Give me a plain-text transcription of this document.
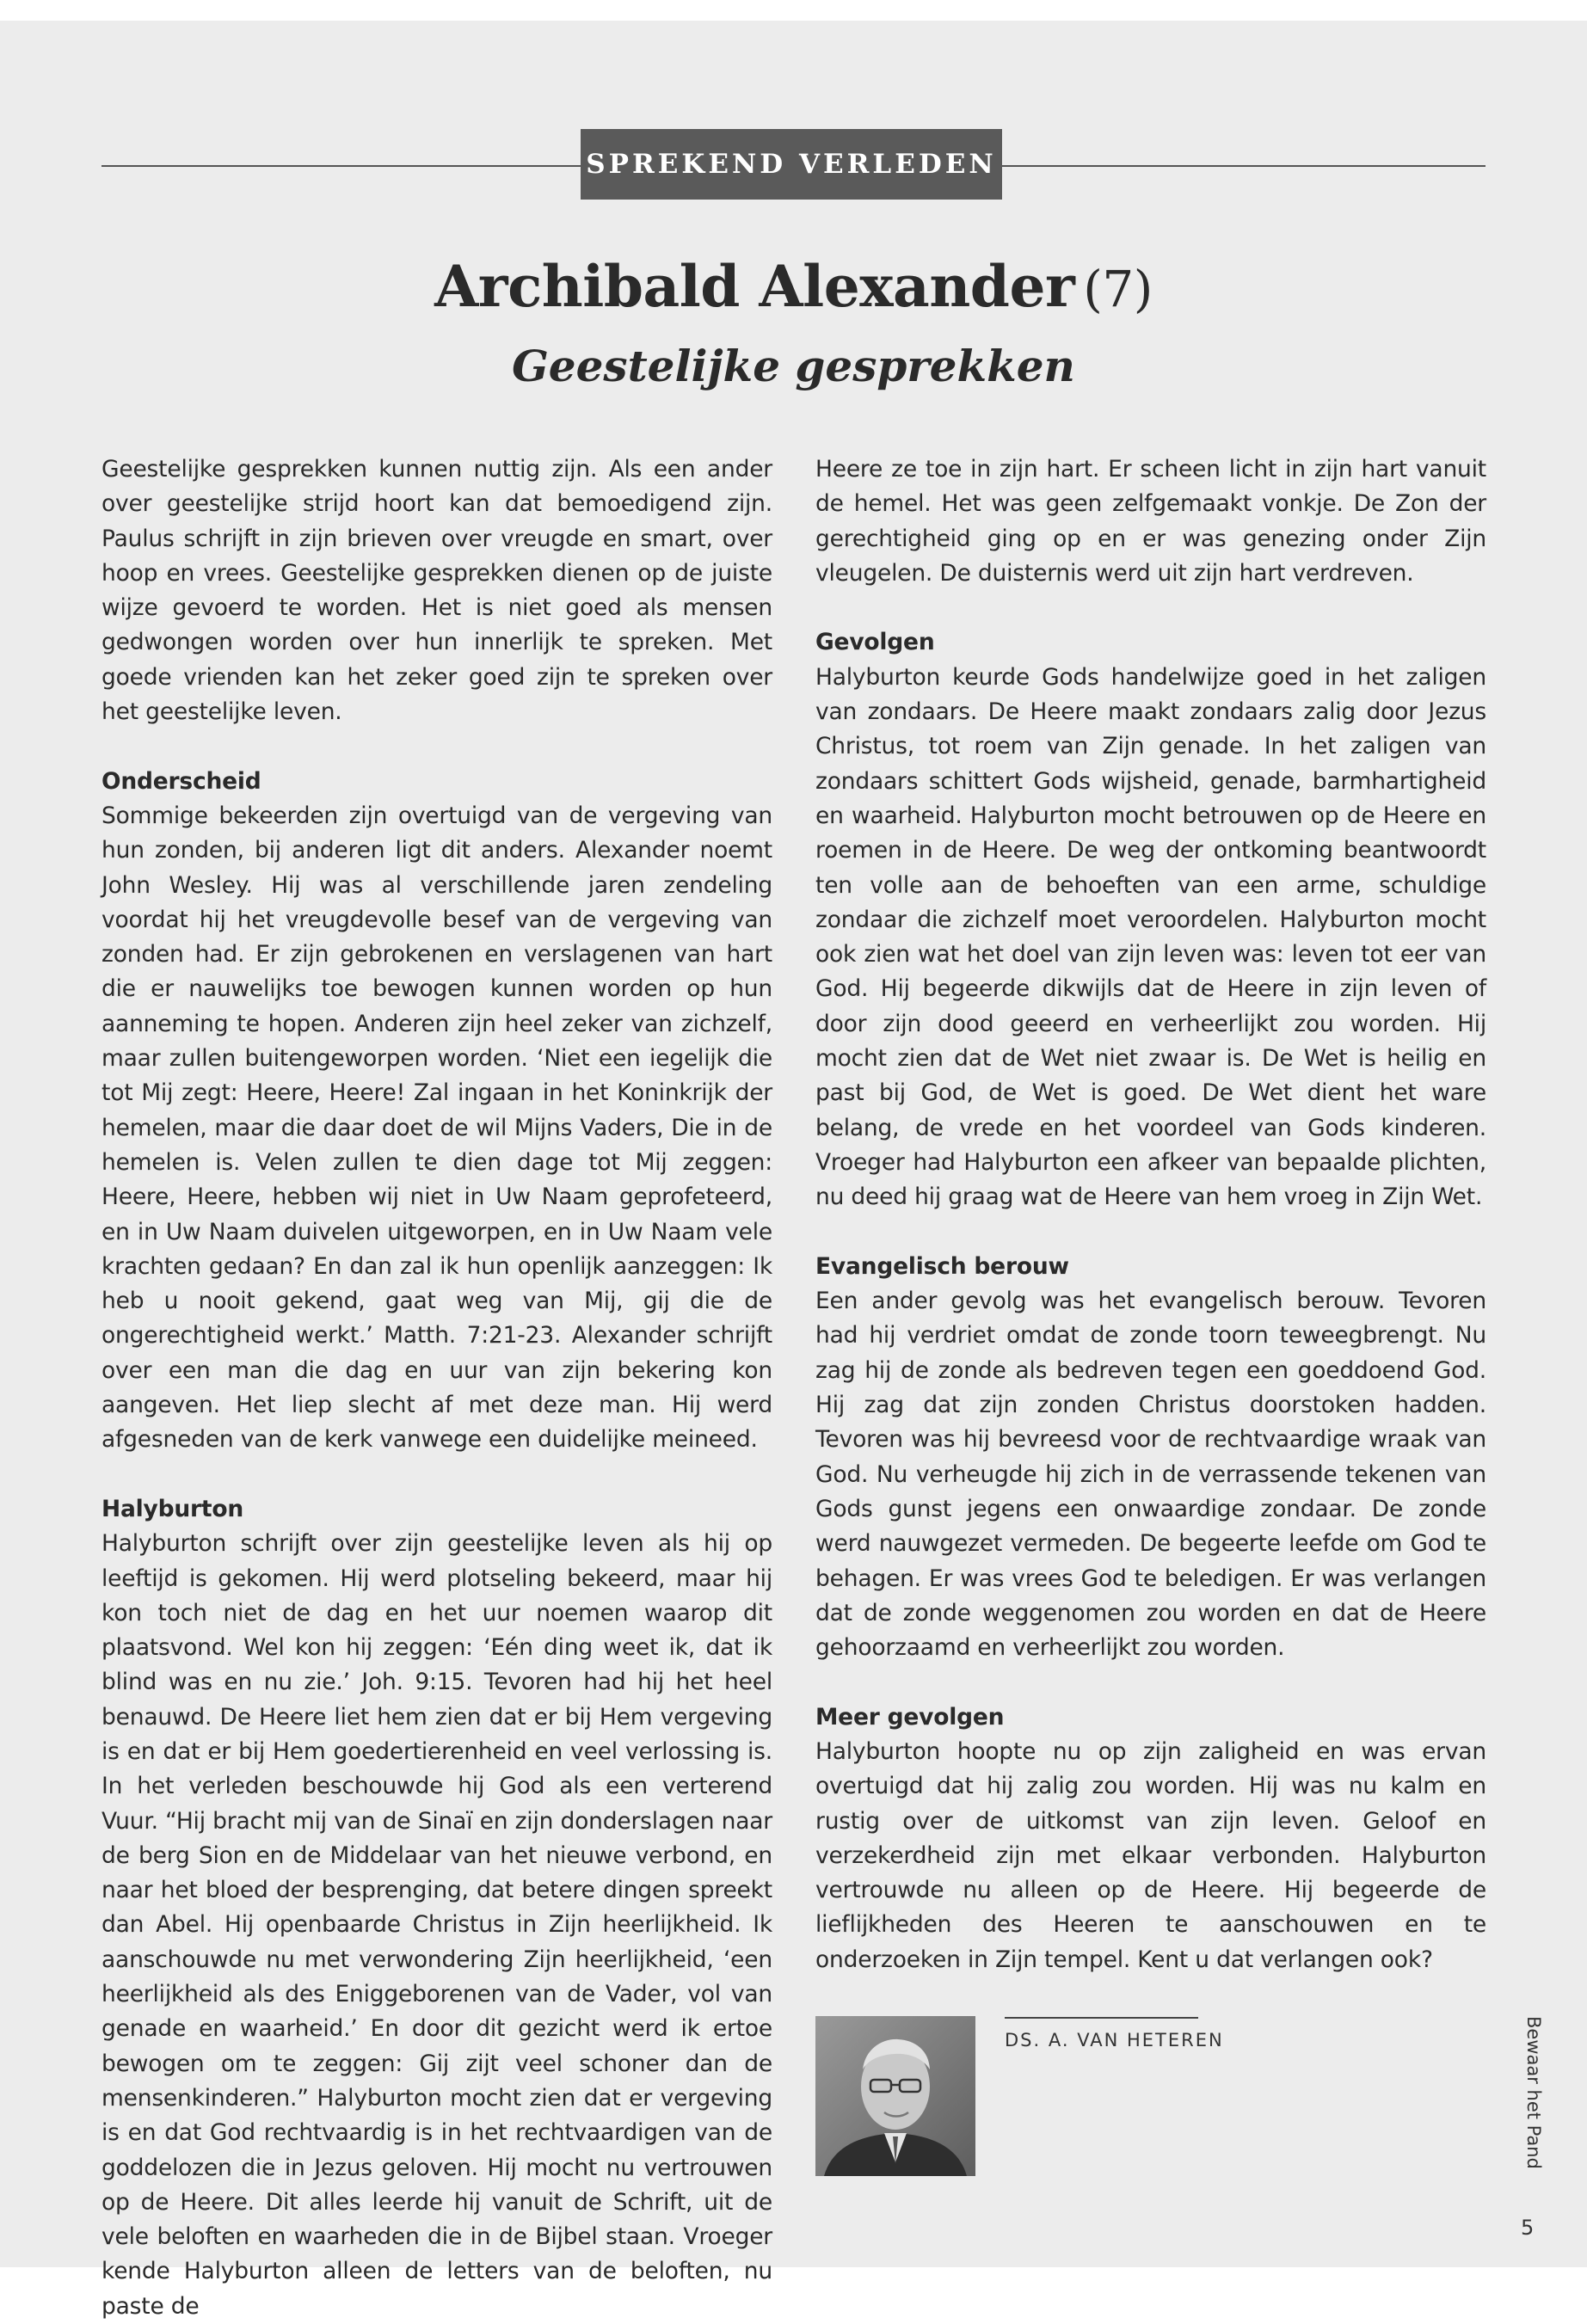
SPREKEND VERLEDEN
Archibald Alexander (7)
Geestelijke gesprekken

Geestelijke gesprekken kunnen nuttig zijn. Als een ander over geestelijke strijd hoort kan dat bemoedigend zijn. Paulus schrijft in zijn brieven over vreugde en smart, over hoop en vrees. Geestelijke gesprekken dienen op de juiste wijze gevoerd te worden. Het is niet goed als mensen gedwongen worden over hun innerlijk te spreken. Met goede vrienden kan het zeker goed zijn te spreken over het geestelijke leven.

Onderscheid

Sommige bekeerden zijn overtuigd van de vergeving van hun zonden, bij anderen ligt dit anders. Alexander noemt John Wesley. Hij was al verschillende jaren zendeling voordat hij het vreugdevolle besef van de vergeving van zonden had. Er zijn gebrokenen en verslagenen van hart die er nauwelijks toe bewogen kunnen worden op hun aanneming te hopen. Anderen zijn heel zeker van zichzelf, maar zullen buitengeworpen worden. ‘Niet een iegelijk die tot Mij zegt: Heere, Heere! Zal ingaan in het Koninkrijk der hemelen, maar die daar doet de wil Mijns Vaders, Die in de hemelen is. Velen zullen te dien dage tot Mij zeggen: Heere, Heere, hebben wij niet in Uw Naam geprofeteerd, en in Uw Naam duivelen uitgeworpen, en in Uw Naam vele krachten gedaan? En dan zal ik hun openlijk aanzeggen: Ik heb u nooit gekend, gaat weg van Mij, gij die de ongerechtigheid werkt.’ Matth. 7:21-23. Alexander schrijft over een man die dag en uur van zijn bekering kon aangeven. Het liep slecht af met deze man. Hij werd afgesneden van de kerk vanwege een duidelijke meineed.

Halyburton

Halyburton schrijft over zijn geestelijke leven als hij op leeftijd is gekomen. Hij werd plotseling bekeerd, maar hij kon toch niet de dag en het uur noemen waarop dit plaatsvond. Wel kon hij zeggen: ‘Eén ding weet ik, dat ik blind was en nu zie.’ Joh. 9:15. Tevoren had hij het heel benauwd. De Heere liet hem zien dat er bij Hem vergeving is en dat er bij Hem goedertierenheid en veel verlossing is. In het verleden beschouwde hij God als een verterend Vuur. “Hij bracht mij van de Sinaï en zijn donderslagen naar de berg Sion en de Middelaar van het nieuwe verbond, en naar het bloed der besprenging, dat betere dingen spreekt dan Abel. Hij openbaarde Christus in Zijn heerlijkheid. Ik aanschouwde nu met verwondering Zijn heerlijkheid, ‘een heerlijkheid als des Eniggeborenen van de Vader, vol van genade en waarheid.’ En door dit gezicht werd ik ertoe bewogen om te zeggen: Gij zijt veel schoner dan de mensenkinderen.” Halyburton mocht zien dat er vergeving is en dat God rechtvaardig is in het rechtvaardigen van de goddelozen die in Jezus geloven. Hij mocht nu vertrouwen op de Heere. Dit alles leerde hij vanuit de Schrift, uit de vele beloften en waarheden die in de Bijbel staan. Vroeger kende Halyburton alleen de letters van de beloften, nu paste de

Heere ze toe in zijn hart. Er scheen licht in zijn hart vanuit de hemel. Het was geen zelfgemaakt vonkje. De Zon der gerechtigheid ging op en er was genezing onder Zijn vleugelen. De duisternis werd uit zijn hart verdreven.

Gevolgen

Halyburton keurde Gods handelwijze goed in het zaligen van zondaars. De Heere maakt zondaars zalig door Jezus Christus, tot roem van Zijn genade. In het zaligen van zondaars schittert Gods wijsheid, genade, barmhartigheid en waarheid. Halyburton mocht betrouwen op de Heere en roemen in de Heere. De weg der ontkoming beantwoordt ten volle aan de behoeften van een arme, schuldige zondaar die zichzelf moet veroordelen. Halyburton mocht ook zien wat het doel van zijn leven was: leven tot eer van God. Hij begeerde dikwijls dat de Heere in zijn leven of door zijn dood geeerd en verheerlijkt zou worden. Hij mocht zien dat de Wet niet zwaar is. De Wet is heilig en past bij God, de Wet is goed. De Wet dient het ware belang, de vrede en het voordeel van Gods kinderen. Vroeger had Halyburton een afkeer van bepaalde plichten, nu deed hij graag wat de Heere van hem vroeg in Zijn Wet.

Evangelisch berouw

Een ander gevolg was het evangelisch berouw. Tevoren had hij verdriet omdat de zonde toorn teweegbrengt. Nu zag hij de zonde als bedreven tegen een goeddoend God. Hij zag dat zijn zonden Christus doorstoken hadden. Tevoren was hij bevreesd voor de rechtvaardige wraak van God. Nu verheugde hij zich in de verrassende tekenen van Gods gunst jegens een onwaardige zondaar. De zonde werd nauwgezet vermeden. De begeerte leefde om God te behagen. Er was vrees God te beledigen. Er was verlangen dat de zonde weggenomen zou worden en dat de Heere gehoorzaamd en verheerlijkt zou worden.

Meer gevolgen

Halyburton hoopte nu op zijn zaligheid en was ervan overtuigd dat hij zalig zou worden. Hij was nu kalm en rustig over de uitkomst van zijn leven. Geloof en verzekerdheid zijn met elkaar verbonden. Halyburton vertrouwde nu alleen op de Heere. Hij begeerde de lieflijkheden des Heeren te aanschouwen en te onderzoeken in Zijn tempel. Kent u dat verlangen ook?

DS. A. VAN HETEREN	Bewaar het Pand
5
